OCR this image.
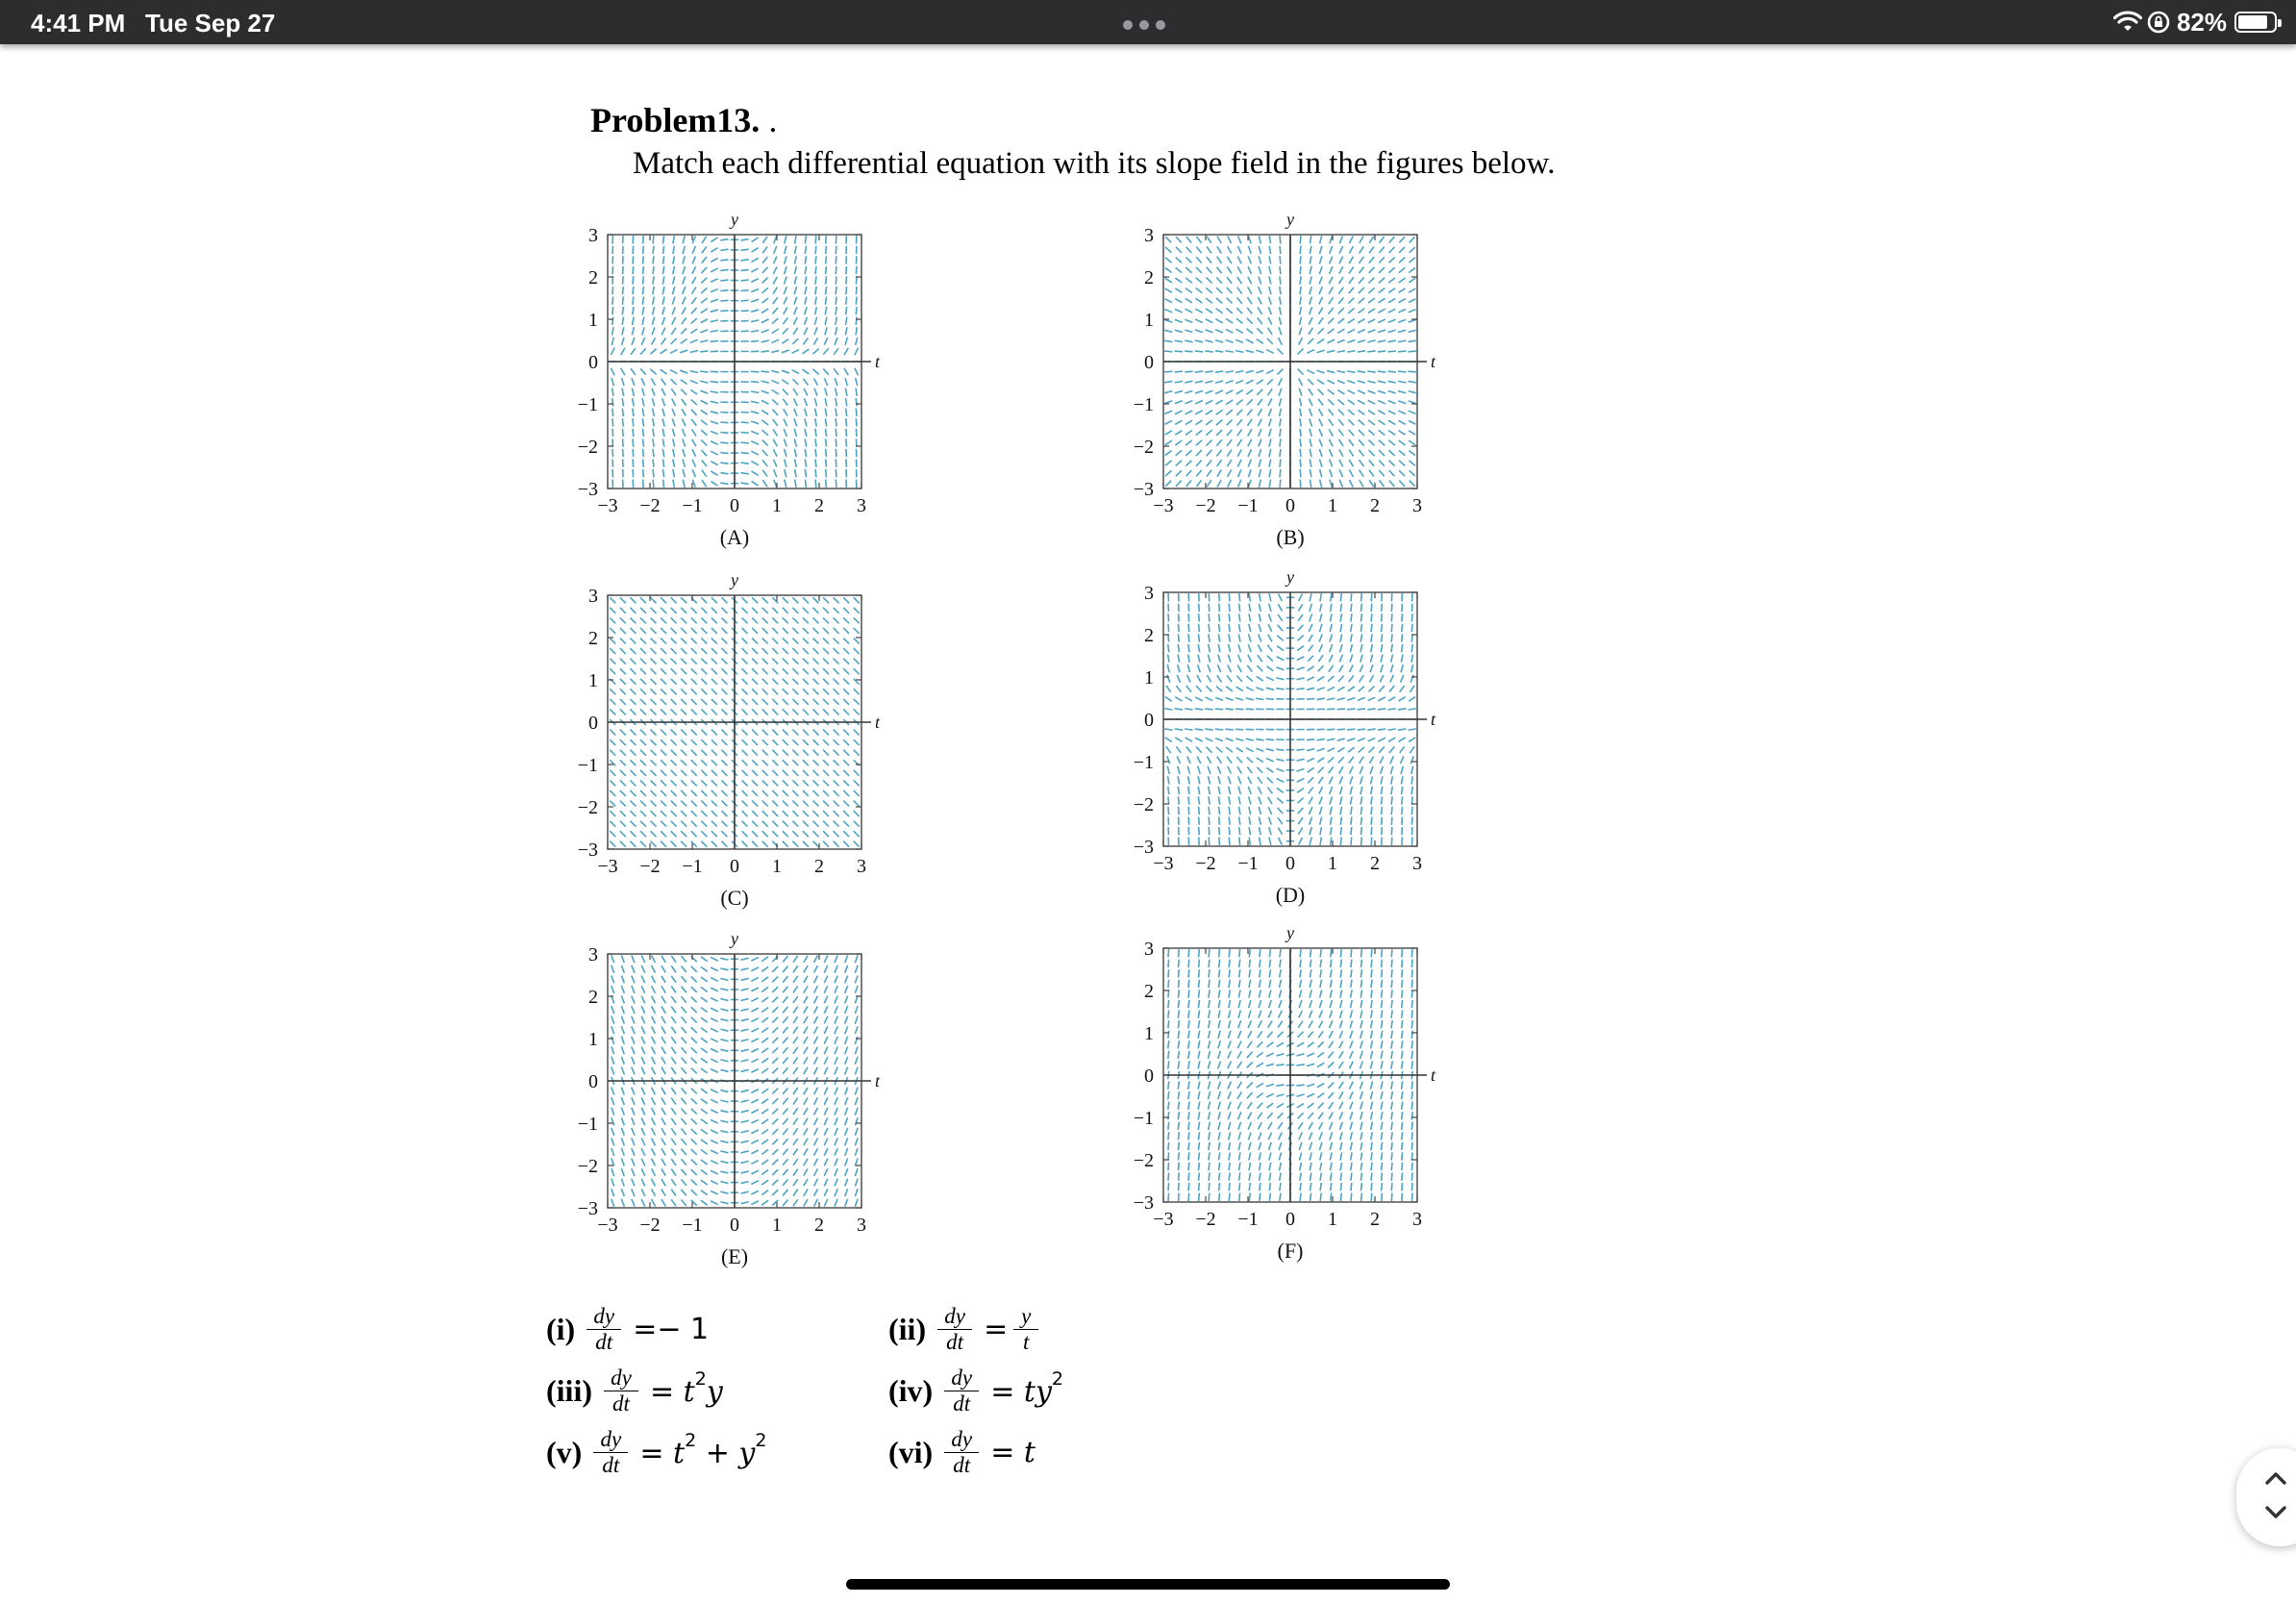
4:41 PM Tue Sep 27	82%
Problem13. .
Match each differential equation with its slope field in the figures below.
−3 −2 −1 0 1 2 3
3
2
1
0
−1
−2
−3
y
t
(A)
−3 −2 −1 0 1 2 3
3
2
1
0
−1
−2
−3
y
t
(B)
−3 −2 −1 0 1 2 3
3
2
1
0
−1
−2
−3
y
t
(C)
−3 −2 −1 0 1 2 3
3
2
1
0
−1
−2
−3
y
t
(D)
−3 −2 −1 0 1 2 3
3
2
1
0
−1
−2
−3
y
t
(E)
−3 −2 −1 0 1 2 3
3
2
1
0
−1
−2
−3
y
t
(F)
$(i) \frac{dy}{dt} =- 1$	$(ii) \frac{dy}{dt} = \frac{y}{t}$
$(iii) \frac{dy}{dt} = t^2y$	$(iv) \frac{dy}{dt} = ty^2$
$(v) \frac{dy}{dt} = t^2 + y^2$	$(vi) \frac{dy}{dt} = t$
